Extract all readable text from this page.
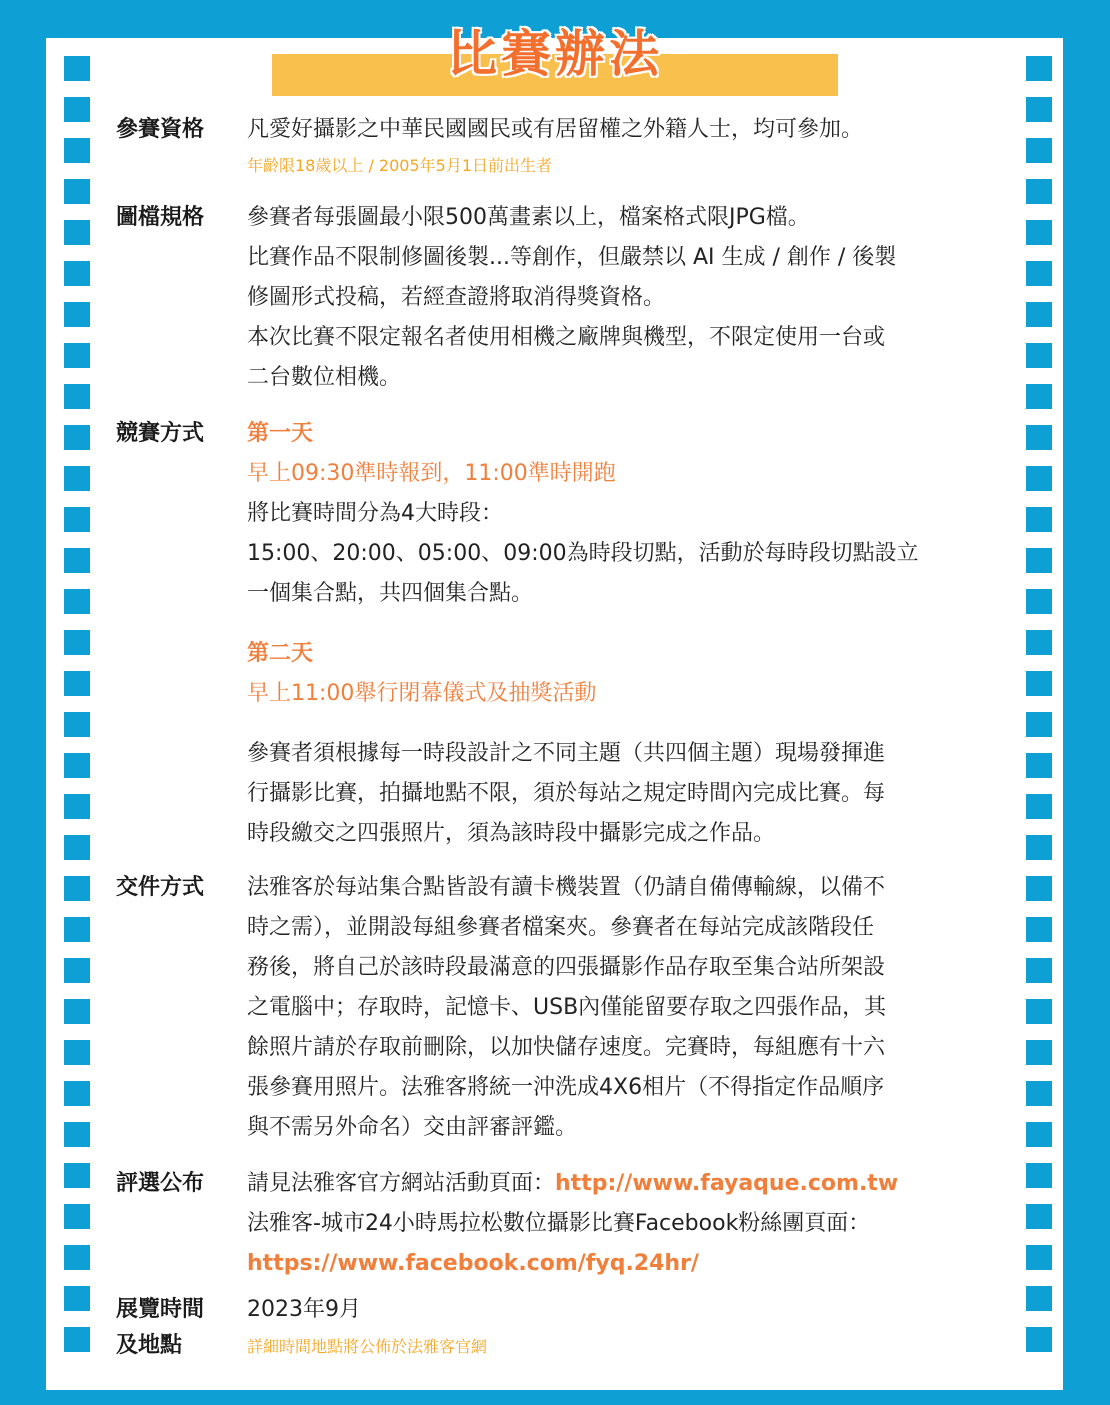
比賽辦法
參賽資格 凡愛好攝影之中華民國國民或有居留權之外籍人士，均可參加。
年齡限18歲以上 / 2005年5月1日前出生者
圖檔規格 參賽者每張圖最小限500萬畫素以上，檔案格式限JPG檔。
比賽作品不限制修圖後製...等創作，但嚴禁以 AI 生成 / 創作 / 後製
修圖形式投稿，若經查證將取消得獎資格。
本次比賽不限定報名者使用相機之廠牌與機型，不限定使用一台或
二台數位相機。
競賽方式 第一天
早上09:30準時報到，11:00準時開跑
將比賽時間分為4大時段：
15:00、20:00、05:00、09:00為時段切點，活動於每時段切點設立
一個集合點，共四個集合點。
第二天
早上11:00舉行閉幕儀式及抽獎活動
參賽者須根據每一時段設計之不同主題（共四個主題）現場發揮進
行攝影比賽，拍攝地點不限，須於每站之規定時間內完成比賽。每
時段繳交之四張照片，須為該時段中攝影完成之作品。
交件方式 法雅客於每站集合點皆設有讀卡機裝置（仍請自備傳輸線，以備不
時之需），並開設每組參賽者檔案夾。參賽者在每站完成該階段任
務後，將自己於該時段最滿意的四張攝影作品存取至集合站所架設
之電腦中；存取時，記憶卡、USB內僅能留要存取之四張作品，其
餘照片請於存取前刪除，以加快儲存速度。完賽時，每組應有十六
張參賽用照片。法雅客將統一沖洗成4X6相片（不得指定作品順序
與不需另外命名）交由評審評鑑。
評選公布 請見法雅客官方網站活動頁面：http://www.fayaque.com.tw
法雅客-城市24小時馬拉松數位攝影比賽Facebook粉絲團頁面：
https://www.facebook.com/fyq.24hr/
展覽時間
及地點
2023年9月
詳細時間地點將公佈於法雅客官網
